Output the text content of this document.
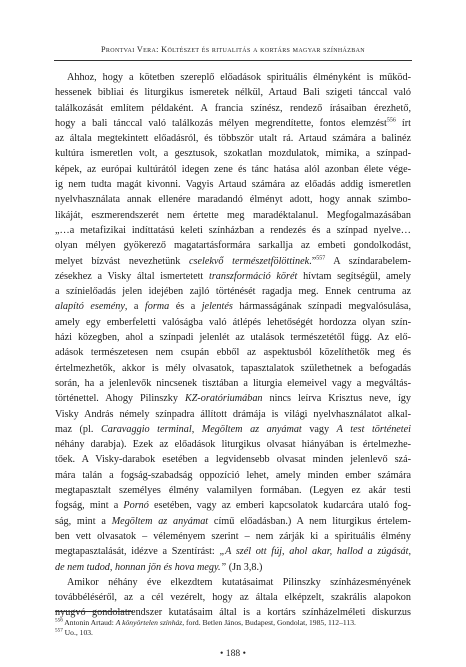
Prontvai Vera: Költészet és ritualitás a kortárs magyar színházban
Ahhoz, hogy a kötetben szereplő előadások spirituális élményként is működ-
hessenek bibliai és liturgikus ismeretek nélkül, Artaud Bali szigeti tánccal való
találkozását említem példaként. A francia színész, rendező írásaiban érezhető,
hogy a bali tánccal való találkozás mélyen megrendítette, fontos elemzést$^{556}$ írt
az általa megtekintett előadásról, és többször utalt rá. Artaud számára a balinéz
kultúra ismeretlen volt, a gesztusok, szokatlan mozdulatok, mimika, a színpad-
képek, az európai kultúrától idegen zene és tánc hatása alól azonban élete vége-
ig nem tudta magát kivonni. Vagyis Artaud számára az előadás addig ismeretlen
nyelvhasználata annak ellenére maradandó élményt adott, hogy annak szimbo-
likáját, eszmerendszerét nem értette meg maradéktalanul. Megfogalmazásában
„…a metafizikai indíttatású keleti színházban a rendezés és a színpad nyelve…
olyan mélyen gyökerező magatartásformára sarkallja az embeti gondolkodást,
melyet bízvást nevezhetünk cselekvő természetfölöttinek.”$^{557}$ A színdarabelem-
zésekhez a Visky által ismertetett transzformáció körét hívtam segítségül, amely
a színielőadás jelen idejében zajló történését ragadja meg. Ennek centruma az
alapító esemény, a forma és a jelentés hármasságának színpadi megvalósulása,
amely egy emberfeletti valóságba való átlépés lehetőségét hordozza olyan szín-
házi közegben, ahol a színpadi jelenlét az utalások természetétől függ. Az elő-
adások természetesen nem csupán ebből az aspektusból közelíthetők meg és
értelmezhetők, akkor is mély olvasatok, tapasztalatok születhetnek a befogadás
során, ha a jelenlevők nincsenek tisztában a liturgia elemeivel vagy a megváltás-
történettel. Ahogy Pilinszky KZ-oratóriumában nincs leírva Krisztus neve, így
Visky András némely színpadra állított drámája is világi nyelvhasználatot alkal-
maz (pl. Caravaggio terminal, Megöltem az anyámat vagy A test történetei
néhány darabja). Ezek az előadások liturgikus olvasat hiányában is értelmezhe-
tőek. A Visky-darabok esetében a legvidensebb olvasat minden jelenlevő szá-
mára talán a fogság-szabadság oppozíció lehet, amely minden ember számára
megtapasztalt személyes élmény valamilyen formában. (Legyen ez akár testi
fogság, mint a Pornó esetében, vagy az emberi kapcsolatok kudarcára utaló fog-
ság, mint a Megöltem az anyámat című előadásban.) A nem liturgikus értelem-
ben vett olvasatok – véleményem szerint – nem zárják ki a spirituális élmény
megtapasztalását, idézve a Szentírást: „A szél ott fúj, ahol akar, hallod a zúgását,
de nem tudod, honnan jön és hova megy.” (Jn 3,8.)
Amikor néhány éve elkezdtem kutatásaimat Pilinszky színházesményének
továbbéléséről, az a cél vezérelt, hogy az általa elképzelt, szakrális alapokon
nyugvó gondolatrendszer kutatásaim által is a kortárs színházelméleti diskurzus
$^{556}$ Antonin Artaud: A könyörtelen színház, ford. Betlen János, Budapest, Gondolat, 1985, 112–113.
$^{557}$ Uo., 103.
• 188 •
